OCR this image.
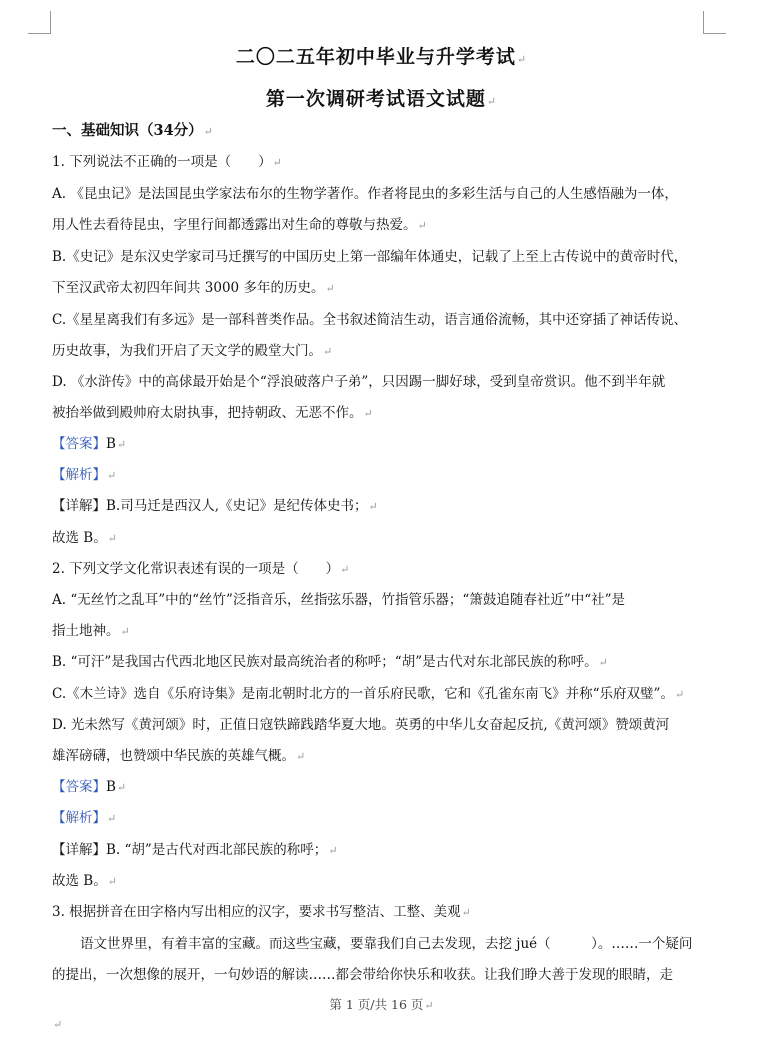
二〇二五年初中毕业与升学考试↵
第一次调研考试语文试题↵
一、基础知识（34分）↵
1. 下列说法不正确的一项是（　　）↵
A. 《昆虫记》是法国昆虫学家法布尔的生物学著作。作者将昆虫的多彩生活与自己的人生感悟融为一体，
用人性去看待昆虫，字里行间都透露出对生命的尊敬与热爱。↵
B.《史记》是东汉史学家司马迁撰写的中国历史上第一部编年体通史，记载了上至上古传说中的黄帝时代，
下至汉武帝太初四年间共 3000 多年的历史。↵
C.《星星离我们有多远》是一部科普类作品。全书叙述简洁生动，语言通俗流畅，其中还穿插了神话传说、
历史故事，为我们开启了天文学的殿堂大门。↵
D. 《水浒传》中的高俅最开始是个“浮浪破落户子弟”，只因踢一脚好球，受到皇帝赏识。他不到半年就
被抬举做到殿帅府太尉执事，把持朝政、无恶不作。↵
【答案】B↵
【解析】↵
【详解】B.司马迁是西汉人,《史记》是纪传体史书；↵
故选 B。↵
2. 下列文学文化常识表述有误的一项是（　　）↵
A. “无丝竹之乱耳”中的“丝竹”泛指音乐，丝指弦乐器，竹指管乐器；“箫鼓追随春社近”中“社”是
指土地神。↵
B. “可汗”是我国古代西北地区民族对最高统治者的称呼；“胡”是古代对东北部民族的称呼。↵
C.《木兰诗》选自《乐府诗集》是南北朝时北方的一首乐府民歌，它和《孔雀东南飞》并称“乐府双璧”。↵
D. 光未然写《黄河颂》时，正值日寇铁蹄践踏华夏大地。英勇的中华儿女奋起反抗,《黄河颂》赞颂黄河
雄浑磅礴，也赞颂中华民族的英雄气概。↵
【答案】B↵
【解析】↵
【详解】B. “胡”是古代对西北部民族的称呼；↵
故选 B。↵
3. 根据拼音在田字格内写出相应的汉字，要求书写整洁、工整、美观↵
语文世界里，有着丰富的宝藏。而这些宝藏，要靠我们自己去发现，去挖 jué（　　　）。……一个疑问
的提出，一次想像的展开，一句妙语的解读……都会带给你快乐和收获。让我们睁大善于发现的眼睛，走
第 1 页/共 16 页↵
↵
